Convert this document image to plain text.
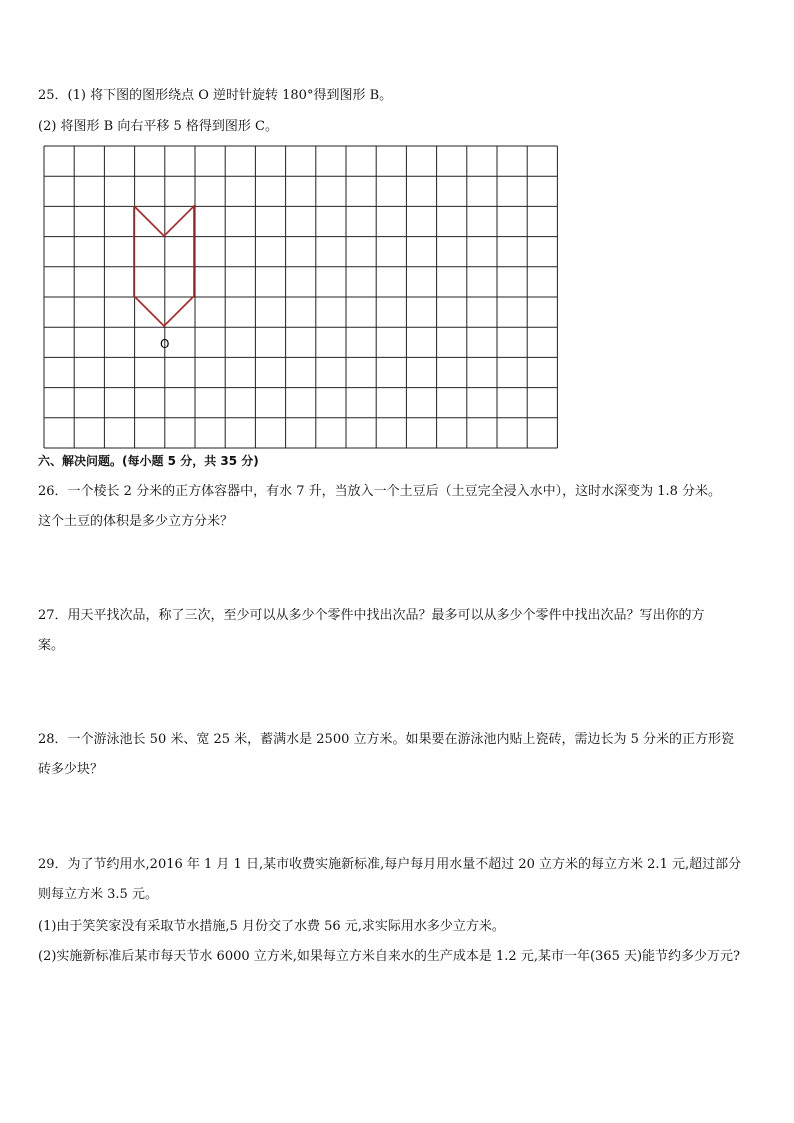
25．(1) 将下图的图形绕点 O 逆时针旋转 180°得到图形 B。
(2) 将图形 B 向右平移 5 格得到图形 C。
O
六、解决问题。(每小题 5 分，共 35 分)
26．一个棱长 2 分米的正方体容器中，有水 7 升，当放入一个土豆后（土豆完全浸入水中），这时水深变为 1.8 分米。
这个土豆的体积是多少立方分米？
27．用天平找次品，称了三次，至少可以从多少个零件中找出次品？最多可以从多少个零件中找出次品？写出你的方
案。
28．一个游泳池长 50 米、宽 25 米，蓄满水是 2500 立方米。如果要在游泳池内贴上瓷砖，需边长为 5 分米的正方形瓷
砖多少块？
29．为了节约用水,2016 年 1 月 1 日,某市收费实施新标准,每户每月用水量不超过 20 立方米的每立方米 2.1 元,超过部分
则每立方米 3.5 元。
(1)由于笑笑家没有采取节水措施,5 月份交了水费 56 元,求实际用水多少立方米。
(2)实施新标准后某市每天节水 6000 立方米,如果每立方米自来水的生产成本是 1.2 元,某市一年(365 天)能节约多少万元?
